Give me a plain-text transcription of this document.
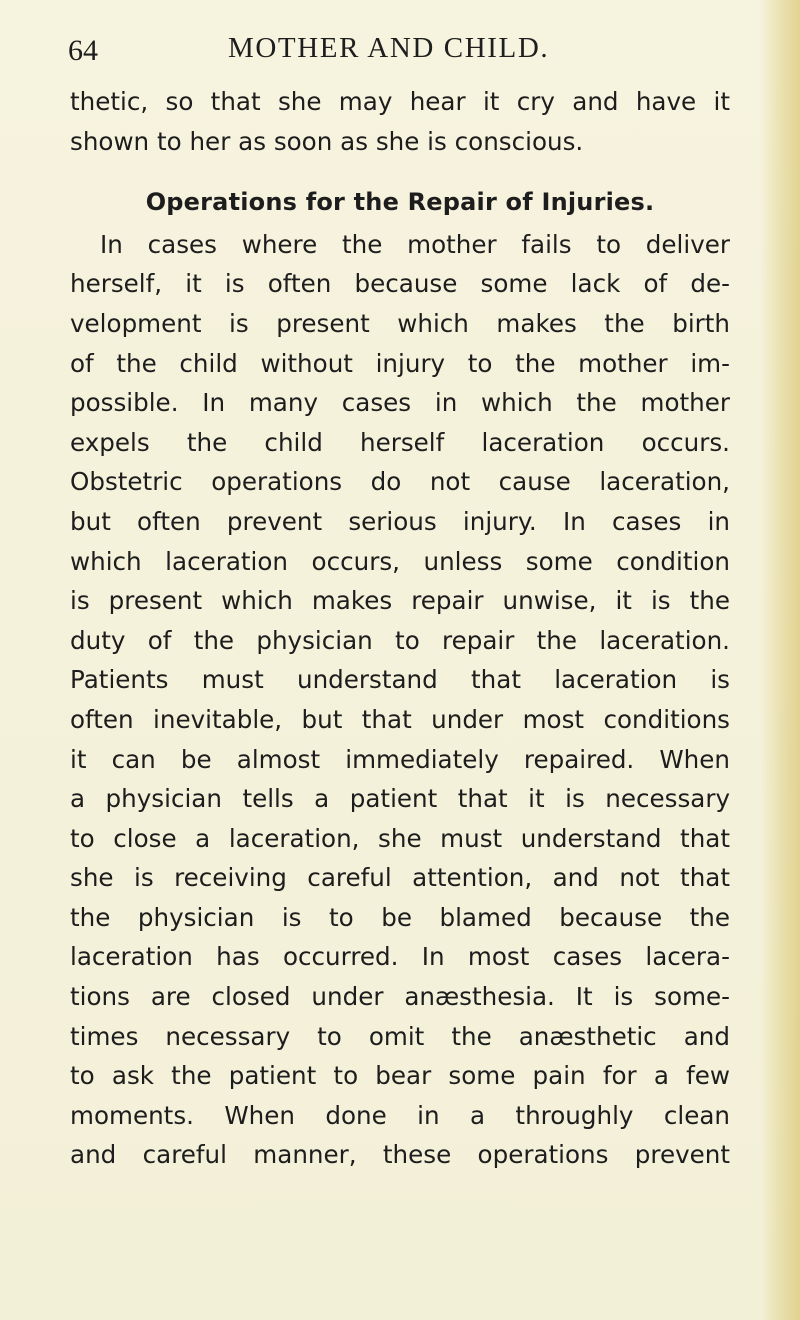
64	MOTHER AND CHILD.
thetic, so that she may hear it cry and have it
shown to her as soon as she is conscious.
Operations for the Repair of Injuries.
In cases where the mother fails to deliver
herself, it is often because some lack of de-
velopment is present which makes the birth
of the child without injury to the mother im-
possible. In many cases in which the mother
expels the child herself laceration occurs.
Obstetric operations do not cause laceration,
but often prevent serious injury. In cases in
which laceration occurs, unless some condition
is present which makes repair unwise, it is the
duty of the physician to repair the laceration.
Patients must understand that laceration is
often inevitable, but that under most conditions
it can be almost immediately repaired. When
a physician tells a patient that it is necessary
to close a laceration, she must understand that
she is receiving careful attention, and not that
the physician is to be blamed because the
laceration has occurred. In most cases lacera-
tions are closed under anæsthesia. It is some-
times necessary to omit the anæsthetic and
to ask the patient to bear some pain for a few
moments. When done in a throughly clean
and careful manner, these operations prevent
